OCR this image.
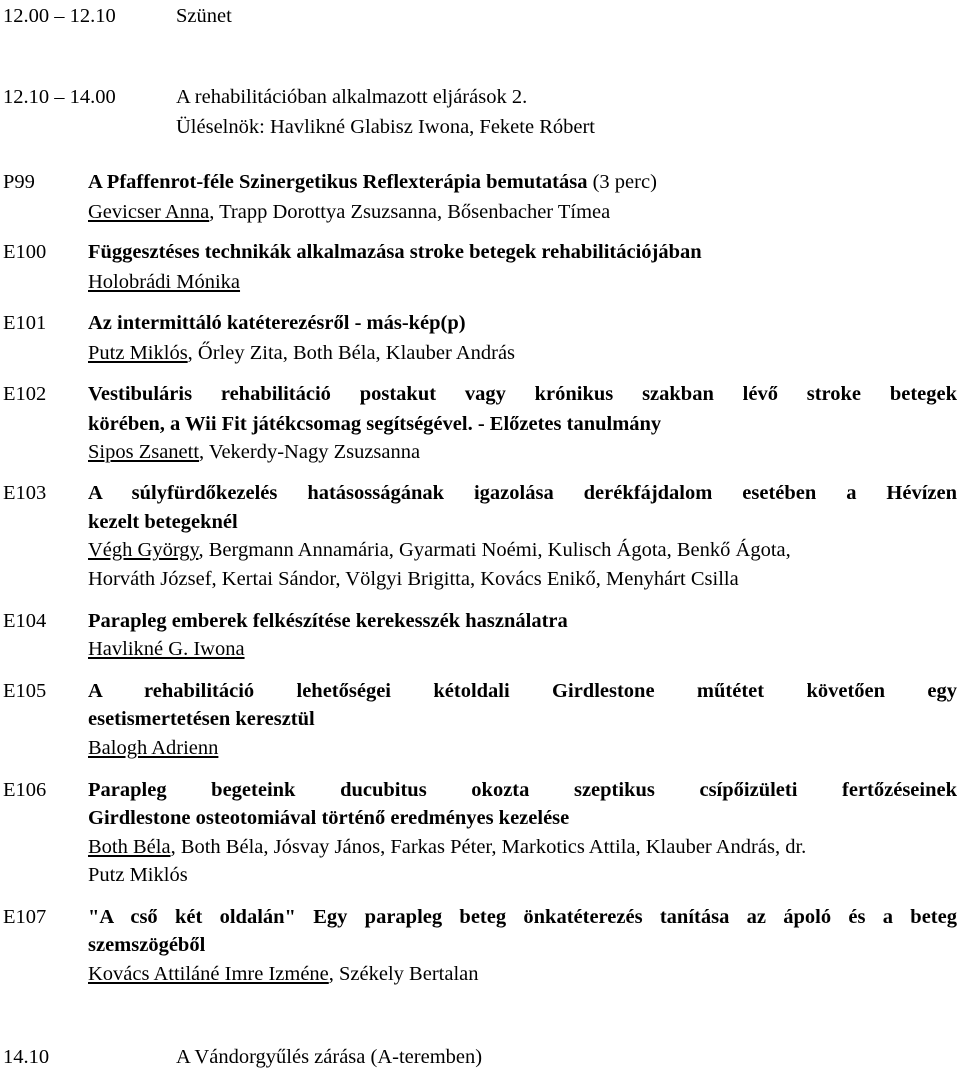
12.00 – 12.10	Szünet
12.10 – 14.00	A rehabilitációban alkalmazott eljárások 2.
Üléselnök: Havlikné Glabisz Iwona, Fekete Róbert
P99	A Pfaffenrot-féle Szinergetikus Reflexterápia bemutatása (3 perc)
Gevicser Anna, Trapp Dorottya Zsuzsanna, Bősenbacher Tímea
E100 Függesztéses technikák alkalmazása stroke betegek rehabilitációjában
Holobrádi Mónika
E101 Az intermittáló katéterezésről - más-kép(p)
Putz Miklós, Őrley Zita, Both Béla, Klauber András
E102 Vestibuláris rehabilitáció postakut vagy krónikus szakban lévő stroke betegek
körében, a Wii Fit játékcsomag segítségével. - Előzetes tanulmány
Sipos Zsanett, Vekerdy-Nagy Zsuzsanna
E103 A súlyfürdőkezelés hatásosságának igazolása derékfájdalom esetében a Hévízen
kezelt betegeknél
Végh György, Bergmann Annamária, Gyarmati Noémi, Kulisch Ágota, Benkő Ágota,
Horváth József, Kertai Sándor, Völgyi Brigitta, Kovács Enikő, Menyhárt Csilla
E104 Parapleg emberek felkészítése kerekesszék használatra
Havlikné G. Iwona
E105 A rehabilitáció lehetőségei kétoldali Girdlestone műtétet követően egy
esetismertetésen keresztül
Balogh Adrienn
E106 Parapleg begeteink ducubitus okozta szeptikus csípőizületi fertőzéseinek
Girdlestone osteotomiával történő eredményes kezelése
Both Béla, Both Béla, Jósvay János, Farkas Péter, Markotics Attila, Klauber András, dr.
Putz Miklós
E107 "A cső két oldalán" Egy parapleg beteg önkatéterezés tanítása az ápoló és a beteg
szemszögéből
Kovács Attiláné Imre Izméne, Székely Bertalan
14.10	A Vándorgyűlés zárása (A-teremben)
